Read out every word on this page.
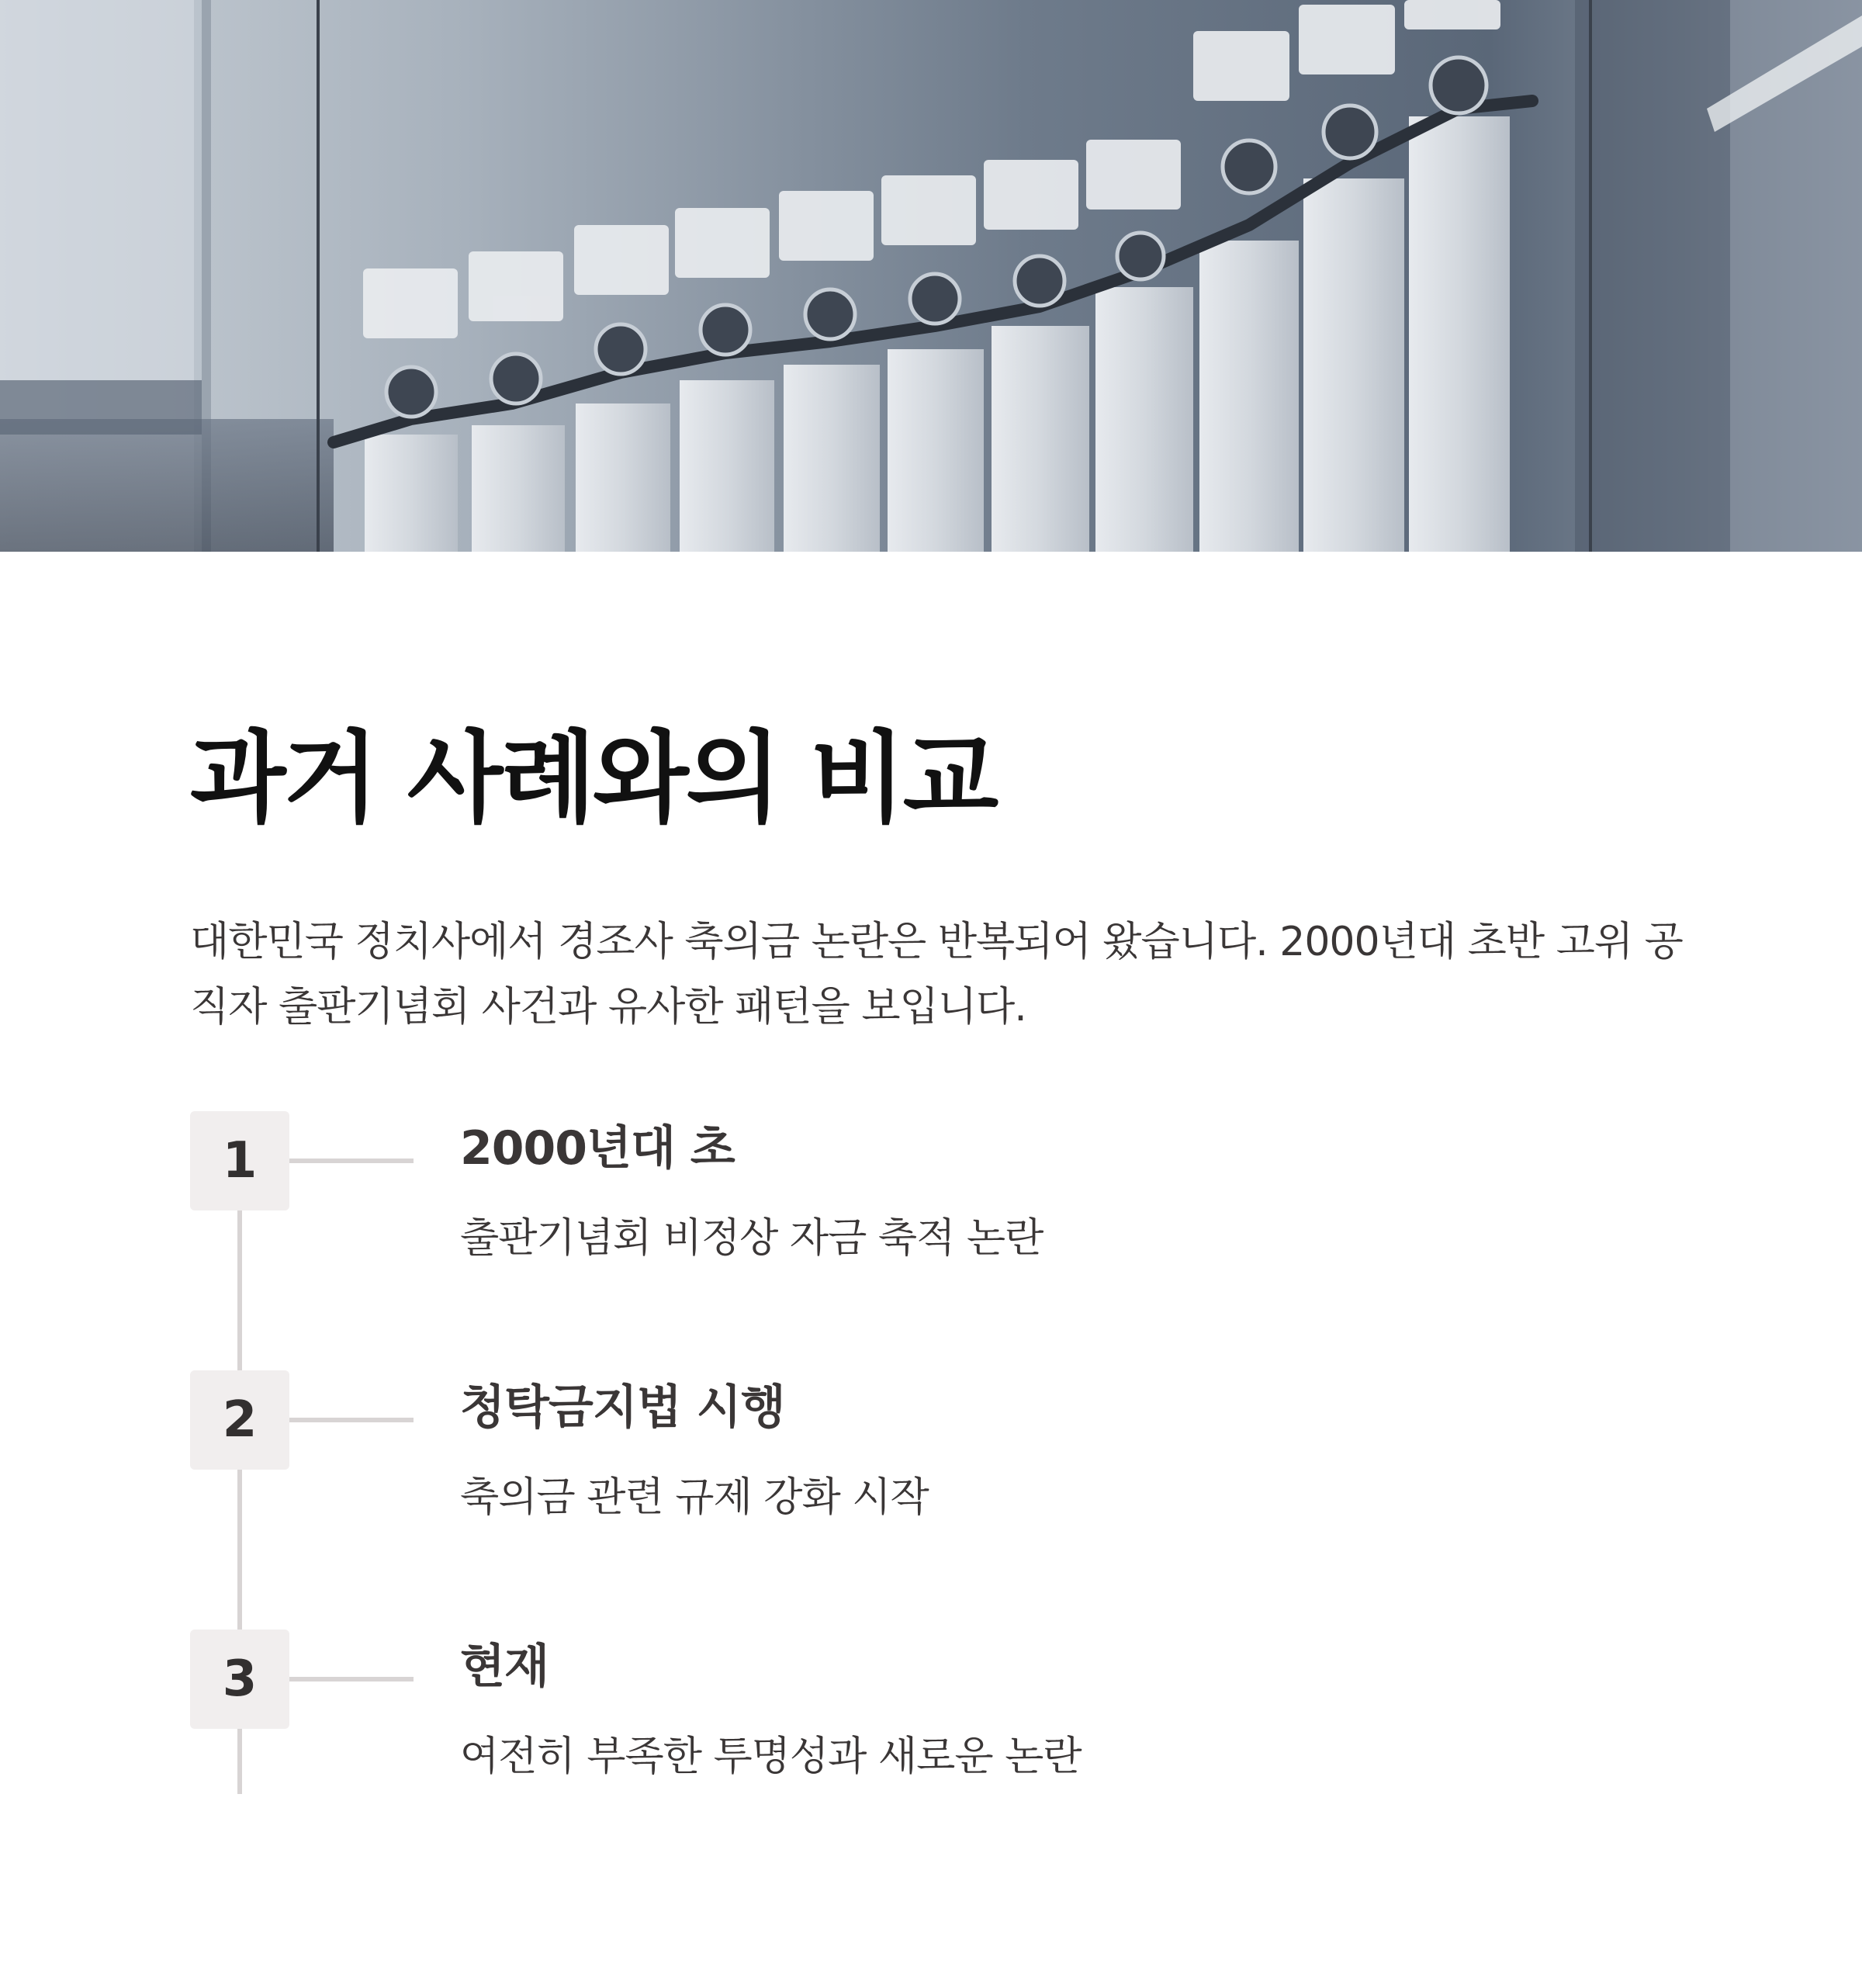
과거 사례와의 비교

대한민국 정치사에서 경조사 축의금 논란은 반복되어 왔습니다. 2000년대 초반 고위 공직자 출판기념회 사건과 유사한 패턴을 보입니다.

1	2000년대 초
출판기념회 비정상 자금 축적 논란
2	청탁금지법 시행
축의금 관련 규제 강화 시작
3	현재
여전히 부족한 투명성과 새로운 논란
